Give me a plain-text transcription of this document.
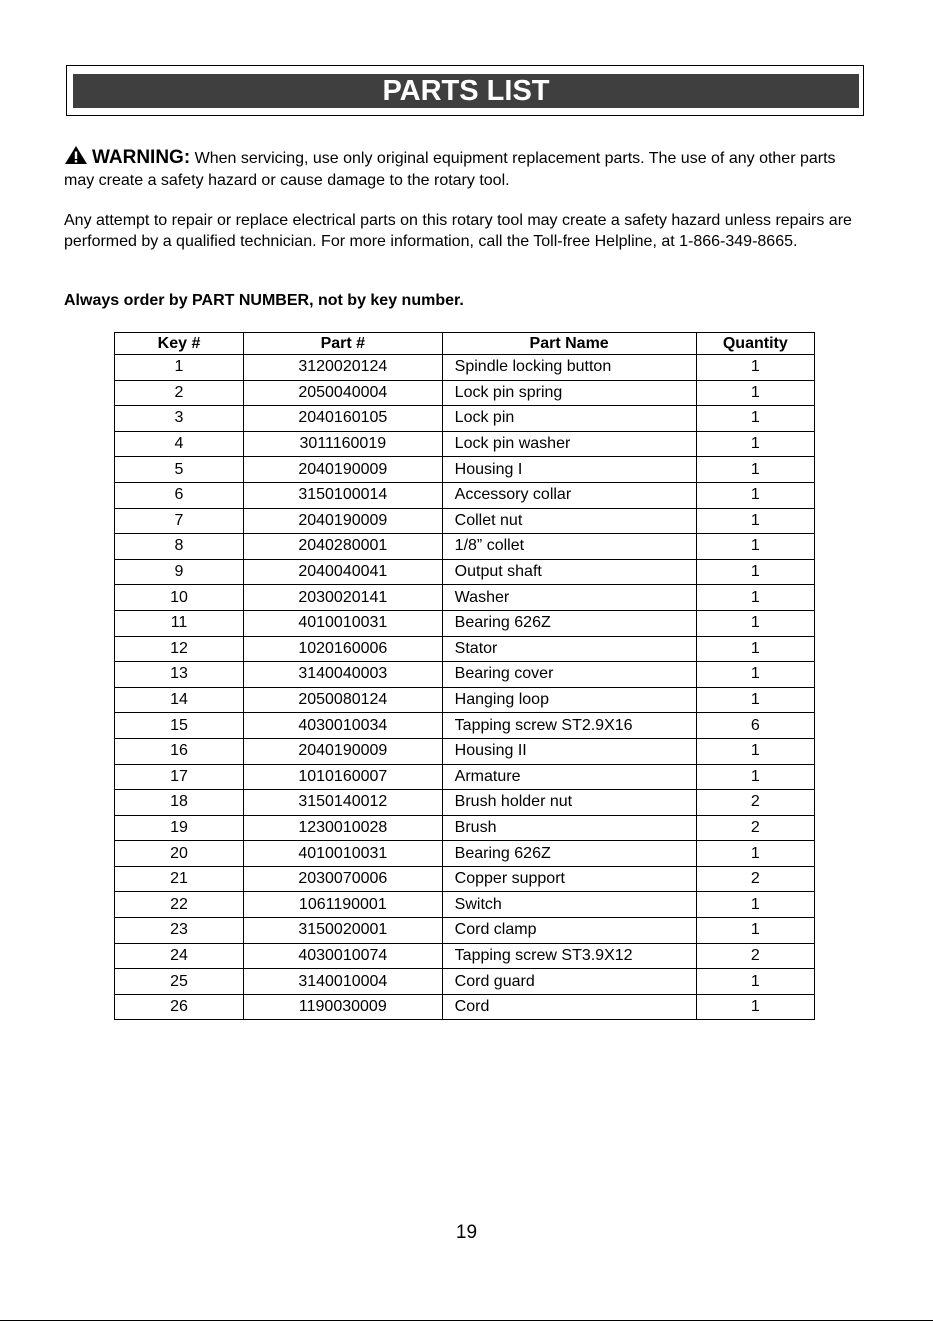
PARTS LIST
WARNING: When servicing, use only original equipment replacement parts. The use of any other parts may create a safety hazard or cause damage to the rotary tool.
Any attempt to repair or replace electrical parts on this rotary tool may create a safety hazard unless repairs are performed by a qualified technician. For more information, call the Toll-free Helpline, at 1-866-349-8665.
Always order by PART NUMBER, not by key number.
Key #	Part #	Part Name	Quantity
1	3120020124	Spindle locking button	1
2	2050040004	Lock pin spring	1
3	2040160105	Lock pin	1
4	3011160019	Lock pin washer	1
5	2040190009	Housing I	1
6	3150100014	Accessory collar	1
7	2040190009	Collet nut	1
8	2040280001	1/8” collet	1
9	2040040041	Output shaft	1
10	2030020141	Washer	1
11	4010010031	Bearing 626Z	1
12	1020160006	Stator	1
13	3140040003	Bearing cover	1
14	2050080124	Hanging loop	1
15	4030010034	Tapping screw ST2.9X16	6
16	2040190009	Housing II	1
17	1010160007	Armature	1
18	3150140012	Brush holder nut	2
19	1230010028	Brush	2
20	4010010031	Bearing 626Z	1
21	2030070006	Copper support	2
22	1061190001	Switch	1
23	3150020001	Cord clamp	1
24	4030010074	Tapping screw ST3.9X12	2
25	3140010004	Cord guard	1
26	1190030009	Cord	1
19
